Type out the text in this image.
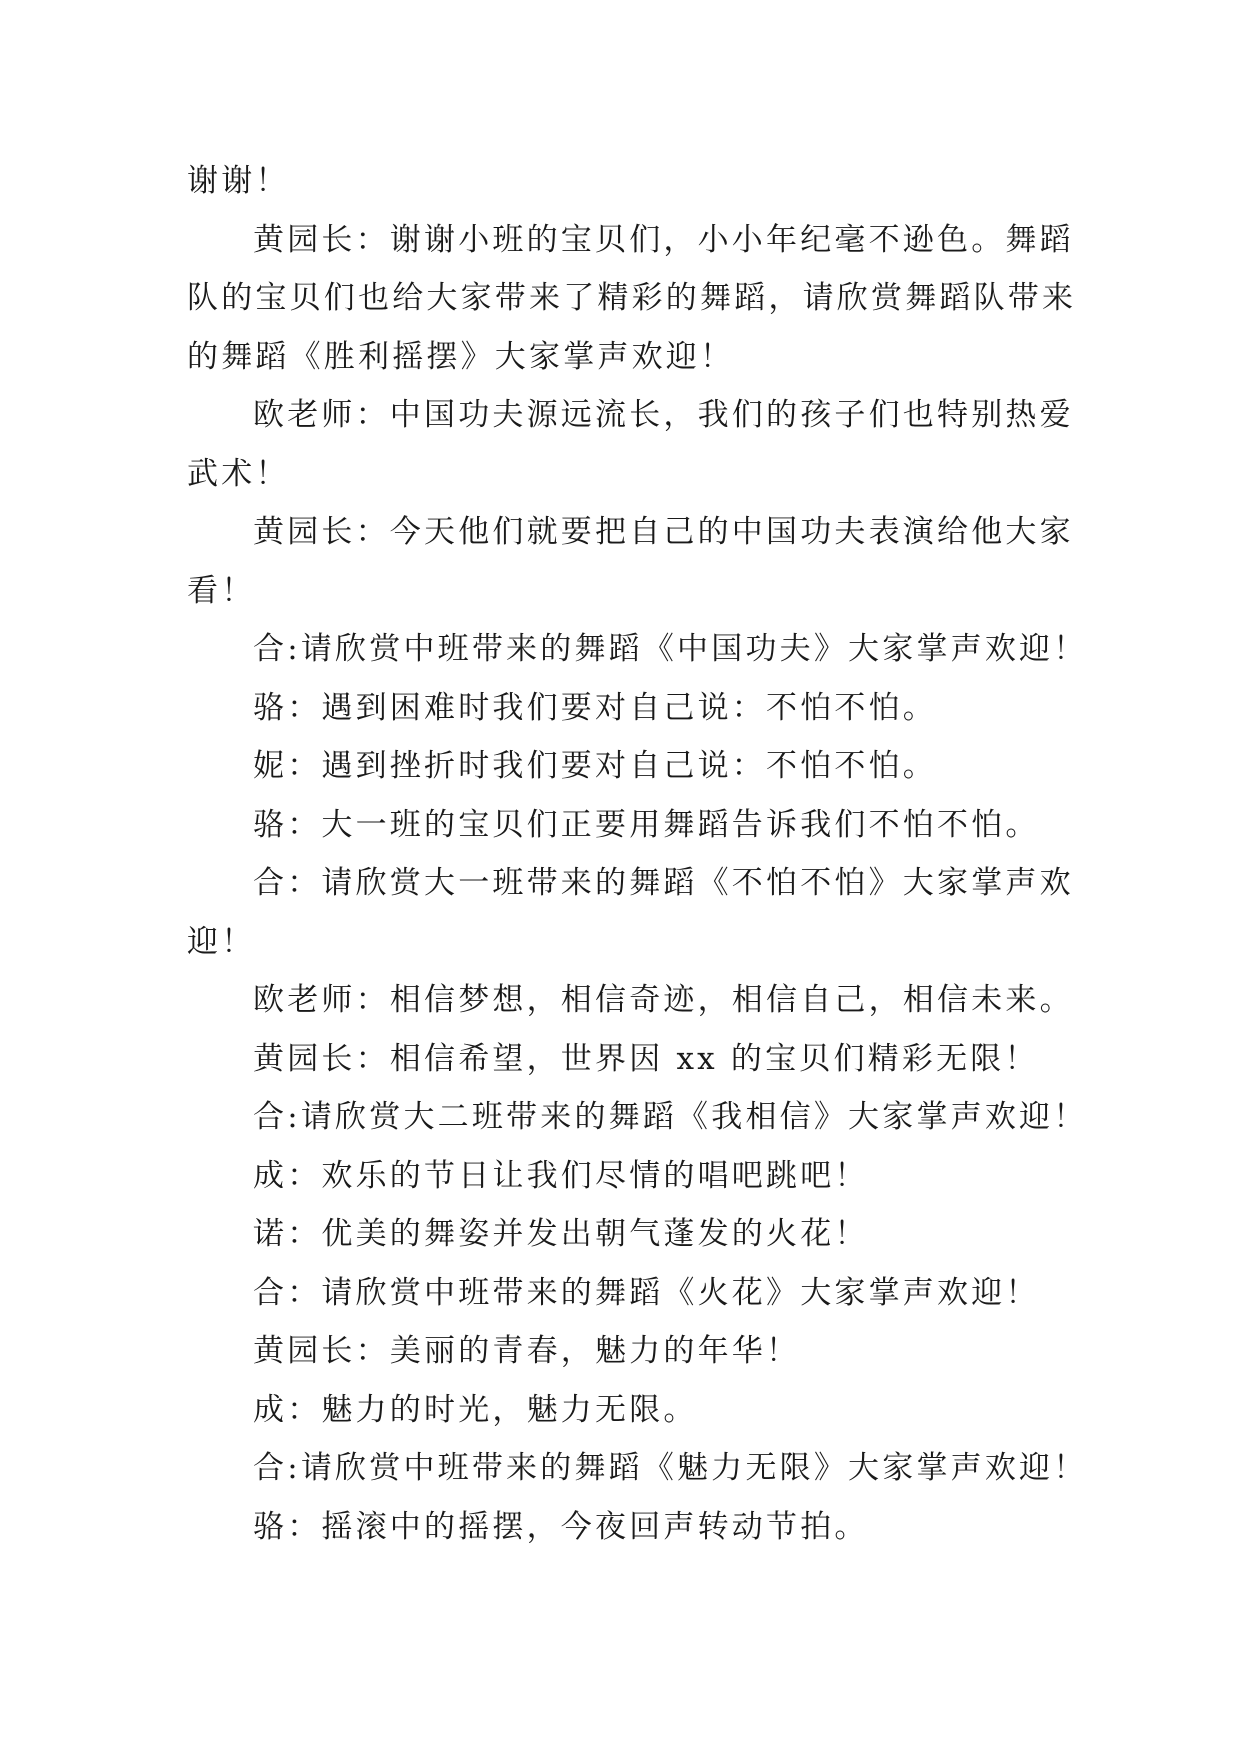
谢谢！
黄园长：谢谢小班的宝贝们，小小年纪毫不逊色。舞蹈
队的宝贝们也给大家带来了精彩的舞蹈，请欣赏舞蹈队带来
的舞蹈《胜利摇摆》大家掌声欢迎！
欧老师：中国功夫源远流长，我们的孩子们也特别热爱
武术！
黄园长：今天他们就要把自己的中国功夫表演给他大家
看！
合:请欣赏中班带来的舞蹈《中国功夫》大家掌声欢迎！
骆：遇到困难时我们要对自己说：不怕不怕。
妮：遇到挫折时我们要对自己说：不怕不怕。
骆：大一班的宝贝们正要用舞蹈告诉我们不怕不怕。
合：请欣赏大一班带来的舞蹈《不怕不怕》大家掌声欢
迎！
欧老师：相信梦想，相信奇迹，相信自己，相信未来。
黄园长：相信希望，世界因 xx 的宝贝们精彩无限！
合:请欣赏大二班带来的舞蹈《我相信》大家掌声欢迎！
成：欢乐的节日让我们尽情的唱吧跳吧！
诺：优美的舞姿并发出朝气蓬发的火花！
合：请欣赏中班带来的舞蹈《火花》大家掌声欢迎！
黄园长：美丽的青春，魅力的年华！
成：魅力的时光，魅力无限。
合:请欣赏中班带来的舞蹈《魅力无限》大家掌声欢迎！
骆：摇滚中的摇摆，今夜回声转动节拍。
